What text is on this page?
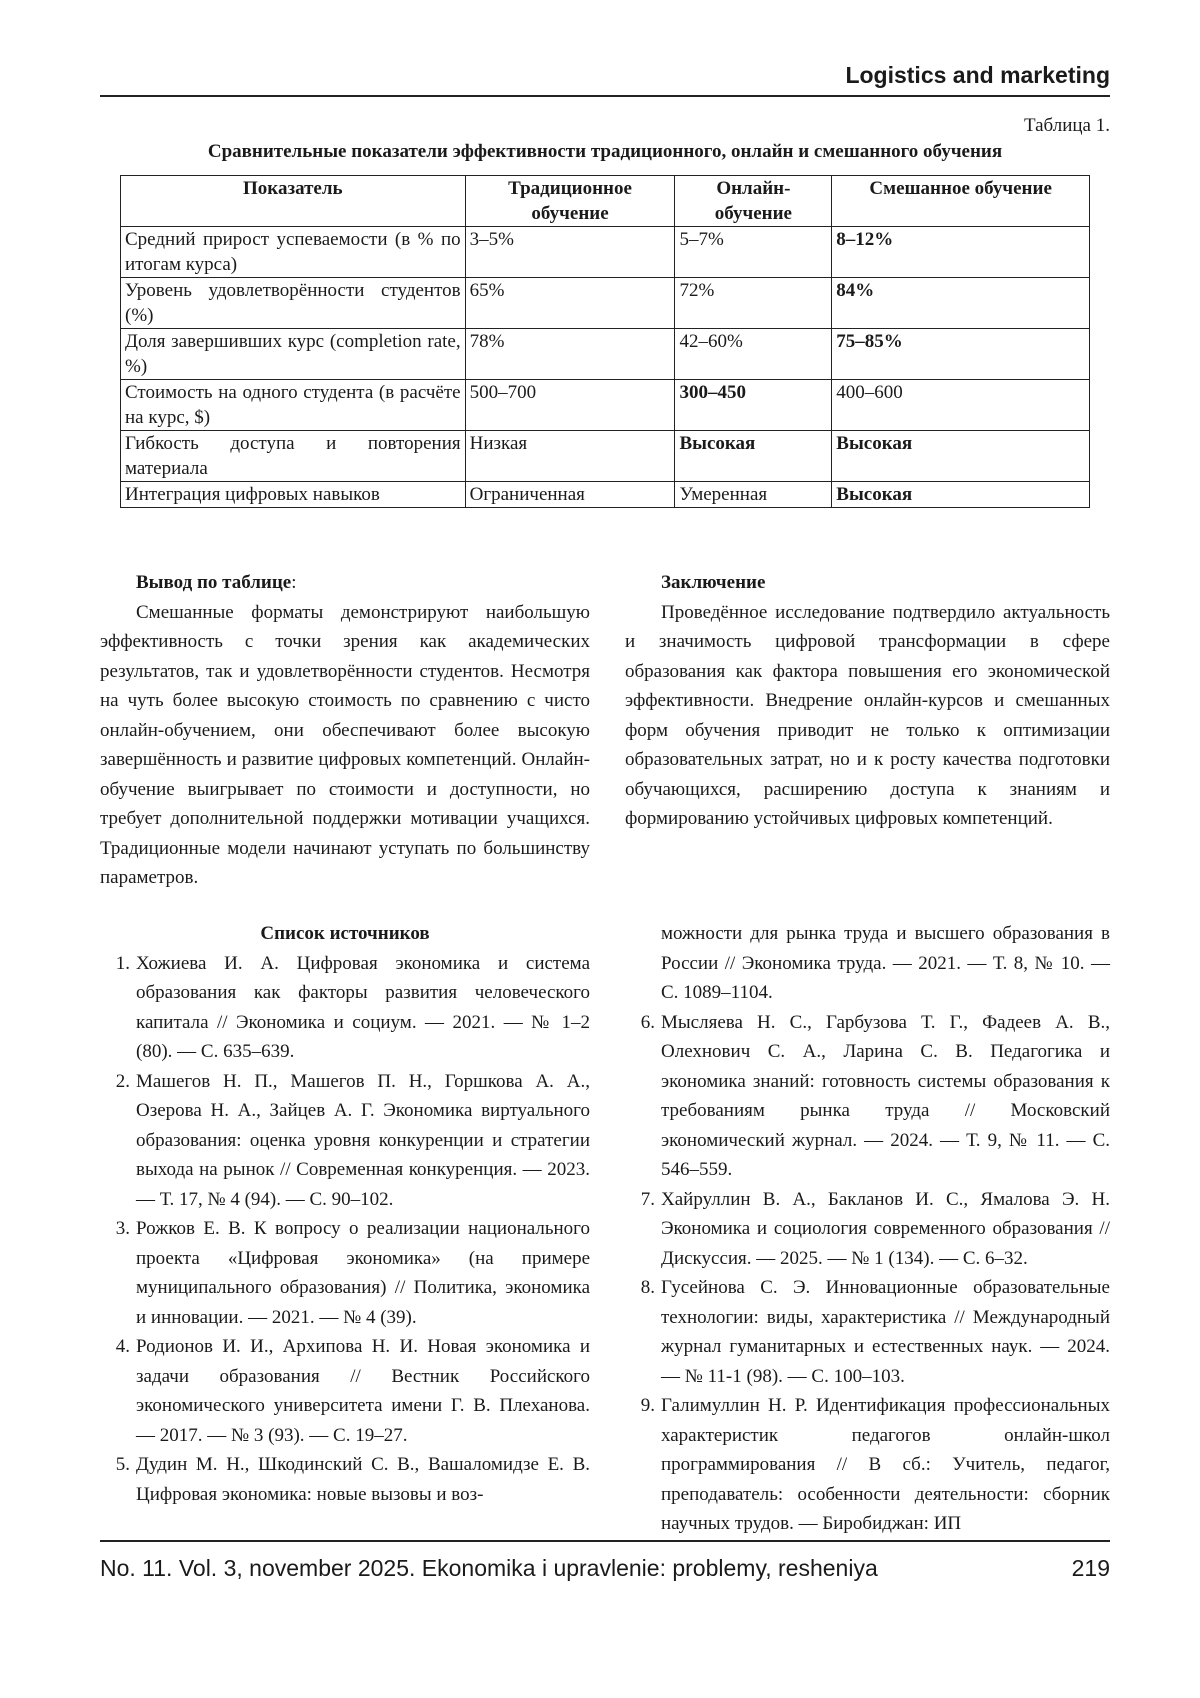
Logistics and marketing
Таблица 1.
Сравнительные показатели эффективности традиционного, онлайн и смешанного обучения
Показатель	Традиционное обучение	Онлайн-обучение	Смешанное обучение
Средний прирост успеваемости (в % по итогам курса)	3–5%	5–7%	8–12%
Уровень удовлетворённости студентов (%)	65%	72%	84%
Доля завершивших курс (completion rate, %)	78%	42–60%	75–85%
Стоимость на одного студента (в расчёте на курс, $)	500–700	300–450	400–600
Гибкость доступа и повторения материала	Низкая	Высокая	Высокая
Интеграция цифровых навыков	Ограниченная	Умеренная	Высокая

Вывод по таблице:

Смешанные форматы демонстрируют наибольшую эффективность с точки зрения как академических результатов, так и удовлетворённости студентов. Несмотря на чуть более высокую стоимость по сравнению с чисто онлайн-обучением, они обеспечивают более высокую завершённость и развитие цифровых компетенций. Онлайн-обучение выигрывает по стоимости и доступности, но требует дополнительной поддержки мотивации учащихся. Традиционные модели начинают уступать по большинству параметров.

Заключение

Проведённое исследование подтвердило актуальность и значимость цифровой трансформации в сфере образования как фактора повышения его экономической эффективности. Внедрение онлайн-курсов и смешанных форм обучения приводит не только к оптимизации образовательных затрат, но и к росту качества подготовки обучающихся, расширению доступа к знаниям и формированию устойчивых цифровых компетенций.

Список источников
1. Хожиева И. А. Цифровая экономика и система образования как факторы развития человеческого капитала // Экономика и социум. — 2021. — № 1–2 (80). — С. 635–639.
2. Машегов Н. П., Машегов П. Н., Горшкова А. А., Озерова Н. А., Зайцев А. Г. Экономика виртуального образования: оценка уровня конкуренции и стратегии выхода на рынок // Современная конкуренция. — 2023. — Т. 17, № 4 (94). — С. 90–102.
3. Рожков Е. В. К вопросу о реализации национального проекта «Цифровая экономика» (на примере муниципального образования) // Политика, экономика и инновации. — 2021. — № 4 (39).
4. Родионов И. И., Архипова Н. И. Новая экономика и задачи образования // Вестник Российского экономического университета имени Г. В. Плеханова. — 2017. — № 3 (93). — С. 19–27.
5. Дудин М. Н., Шкодинский С. В., Вашаломидзе Е. В. Цифровая экономика: новые вызовы и воз-
можности для рынка труда и высшего образования в России // Экономика труда. — 2021. — Т. 8, № 10. — С. 1089–1104.
6. Мысляева Н. С., Гарбузова Т. Г., Фадеев А. В., Олехнович С. А., Ларина С. В. Педагогика и экономика знаний: готовность системы образования к требованиям рынка труда // Московский экономический журнал. — 2024. — Т. 9, № 11. — С. 546–559.
7. Хайруллин В. А., Бакланов И. С., Ямалова Э. Н. Экономика и социология современного образования // Дискуссия. — 2025. — № 1 (134). — С. 6–32.
8. Гусейнова С. Э. Инновационные образовательные технологии: виды, характеристика // Международный журнал гуманитарных и естественных наук. — 2024. — № 11-1 (98). — С. 100–103.
9. Галимуллин Н. Р. Идентификация профессиональных характеристик педагогов онлайн-школ программирования // В сб.: Учитель, педагог, преподаватель: особенности деятельности: сборник научных трудов. — Биробиджан: ИП
No. 11. Vol. 3, november 2025. Ekonomika i upravlenie: problemy, resheniya	219
